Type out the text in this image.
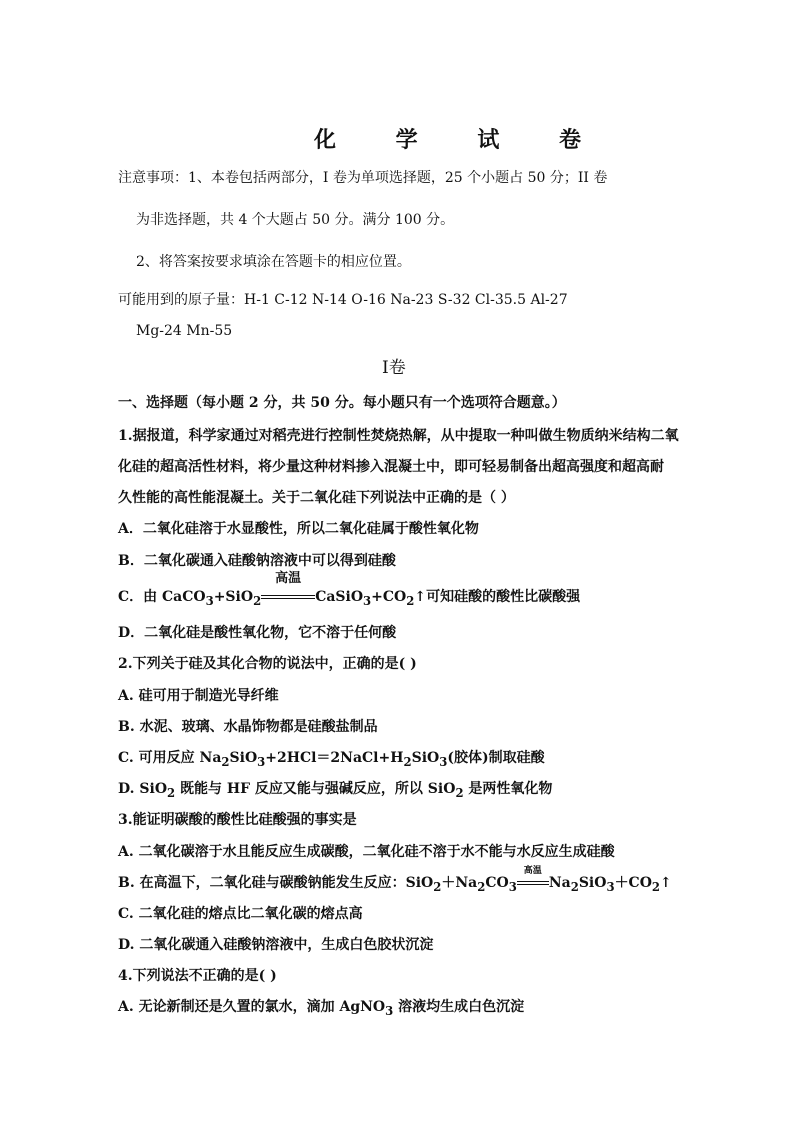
化 学 试 卷
注意事项：1、本卷包括两部分，I 卷为单项选择题，25 个小题占 50 分；II 卷
为非选择题，共 4 个大题占 50 分。满分 100 分。
2、将答案按要求填涂在答题卡的相应位置。
可能用到的原子量：H-1 C-12 N-14 O-16 Na-23 S-32 Cl-35.5 Al-27
Mg-24 Mn-55
I卷
一、选择题（每小题 2 分，共 50 分。每小题只有一个选项符合题意。）
1.据报道，科学家通过对稻壳进行控制性焚烧热解，从中提取一种叫做生物质纳米结构二氧
化硅的超高活性材料，将少量这种材料掺入混凝土中，即可轻易制备出超高强度和超高耐
久性能的高性能混凝土。关于二氧化硅下列说法中正确的是（ ）
A．二氧化硅溶于水显酸性，所以二氧化硅属于酸性氧化物
B．二氧化碳通入硅酸钠溶液中可以得到硅酸
C．由 CaCO$_3$+SiO$_2$
高温
$CaSiO_3+CO_2↑$可知硅酸的酸性比碳酸强
D．二氧化硅是酸性氧化物，它不溶于任何酸
2.下列关于硅及其化合物的说法中，正确的是( )
A. 硅可用于制造光导纤维
B. 水泥、玻璃、水晶饰物都是硅酸盐制品
C. 可用反应 $Na_2SiO_3+2HCl=2NaCl+H_2SiO_3$(胶体)制取硅酸
D. SiO$_2$ 既能与 HF 反应又能与强碱反应，所以 SiO$_2$ 是两性氧化物
3.能证明碳酸的酸性比硅酸强的事实是
A. 二氧化碳溶于水且能反应生成碳酸，二氧化硅不溶于水不能与水反应生成硅酸
B. 在高温下，二氧化硅与碳酸钠能发生反应：$SiO_2+Na_2CO_3$
高温
$Na_2SiO_3+CO_2↑$
C. 二氧化硅的熔点比二氧化碳的熔点高
D. 二氧化碳通入硅酸钠溶液中，生成白色胶状沉淀
4.下列说法不正确的是( )
A. 无论新制还是久置的氯水，滴加 AgNO$_3$ 溶液均生成白色沉淀
